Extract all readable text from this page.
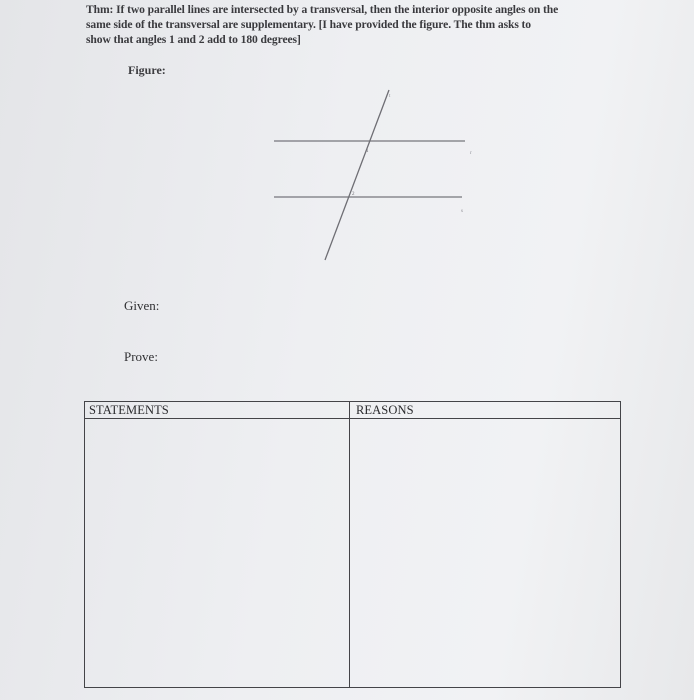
Thm: If two parallel lines are intersected by a transversal, then the interior opposite angles on the
same side of the transversal are supplementary. [I have provided the figure. The thm asks to
show that angles 1 and 2 add to 180 degrees]
Figure:
t
r
s
1
2
Given:
Prove:
STATEMENTS	REASONS
